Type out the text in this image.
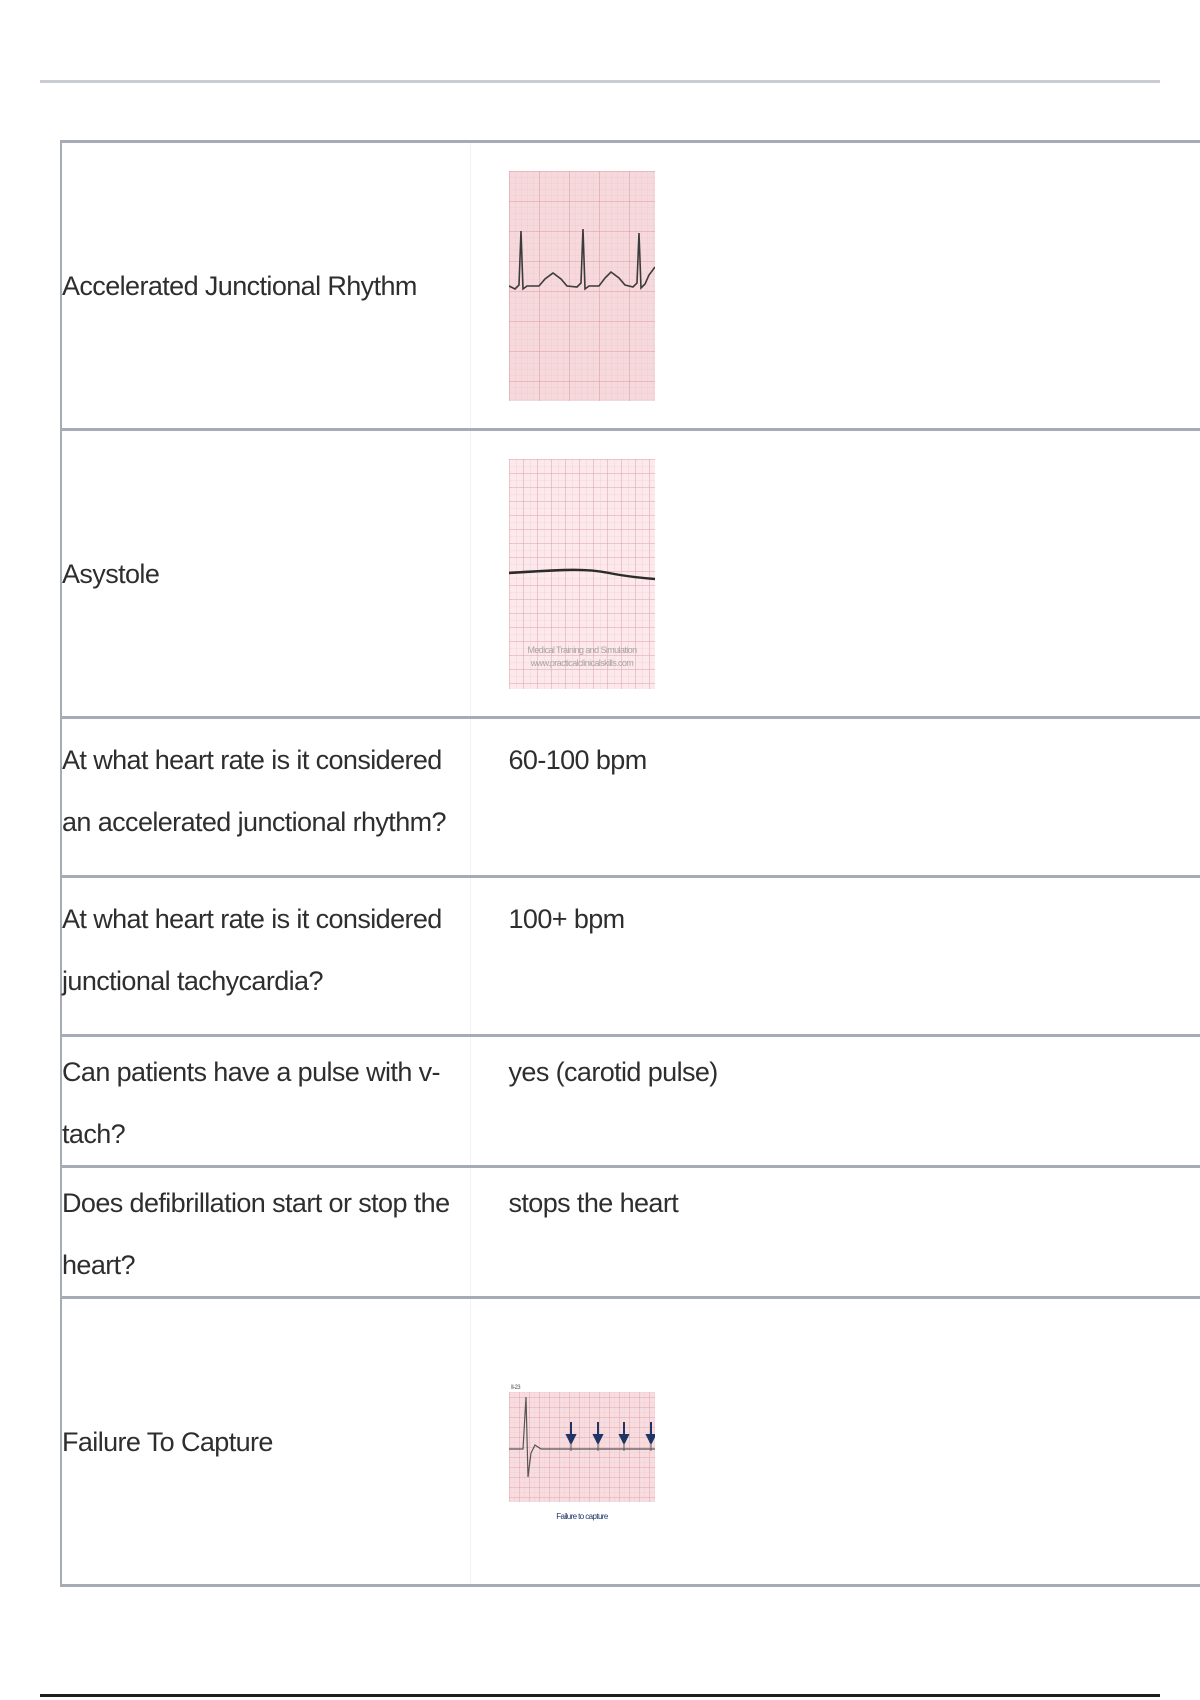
Accelerated Junctional Rhythm	

Asystole	Medical Training and Simulation
www.practicalclinicalskills.com

At what heart rate is it considered an accelerated junctional rhythm?	60-100 bpm
At what heart rate is it considered junctional tachycardia?	100+ bpm
Can patients have a pulse with v-tach?	yes (carotid pulse)
Does defibrillation start or stop the heart?	stops the heart
Failure To Capture	II-23
Failure to capture
